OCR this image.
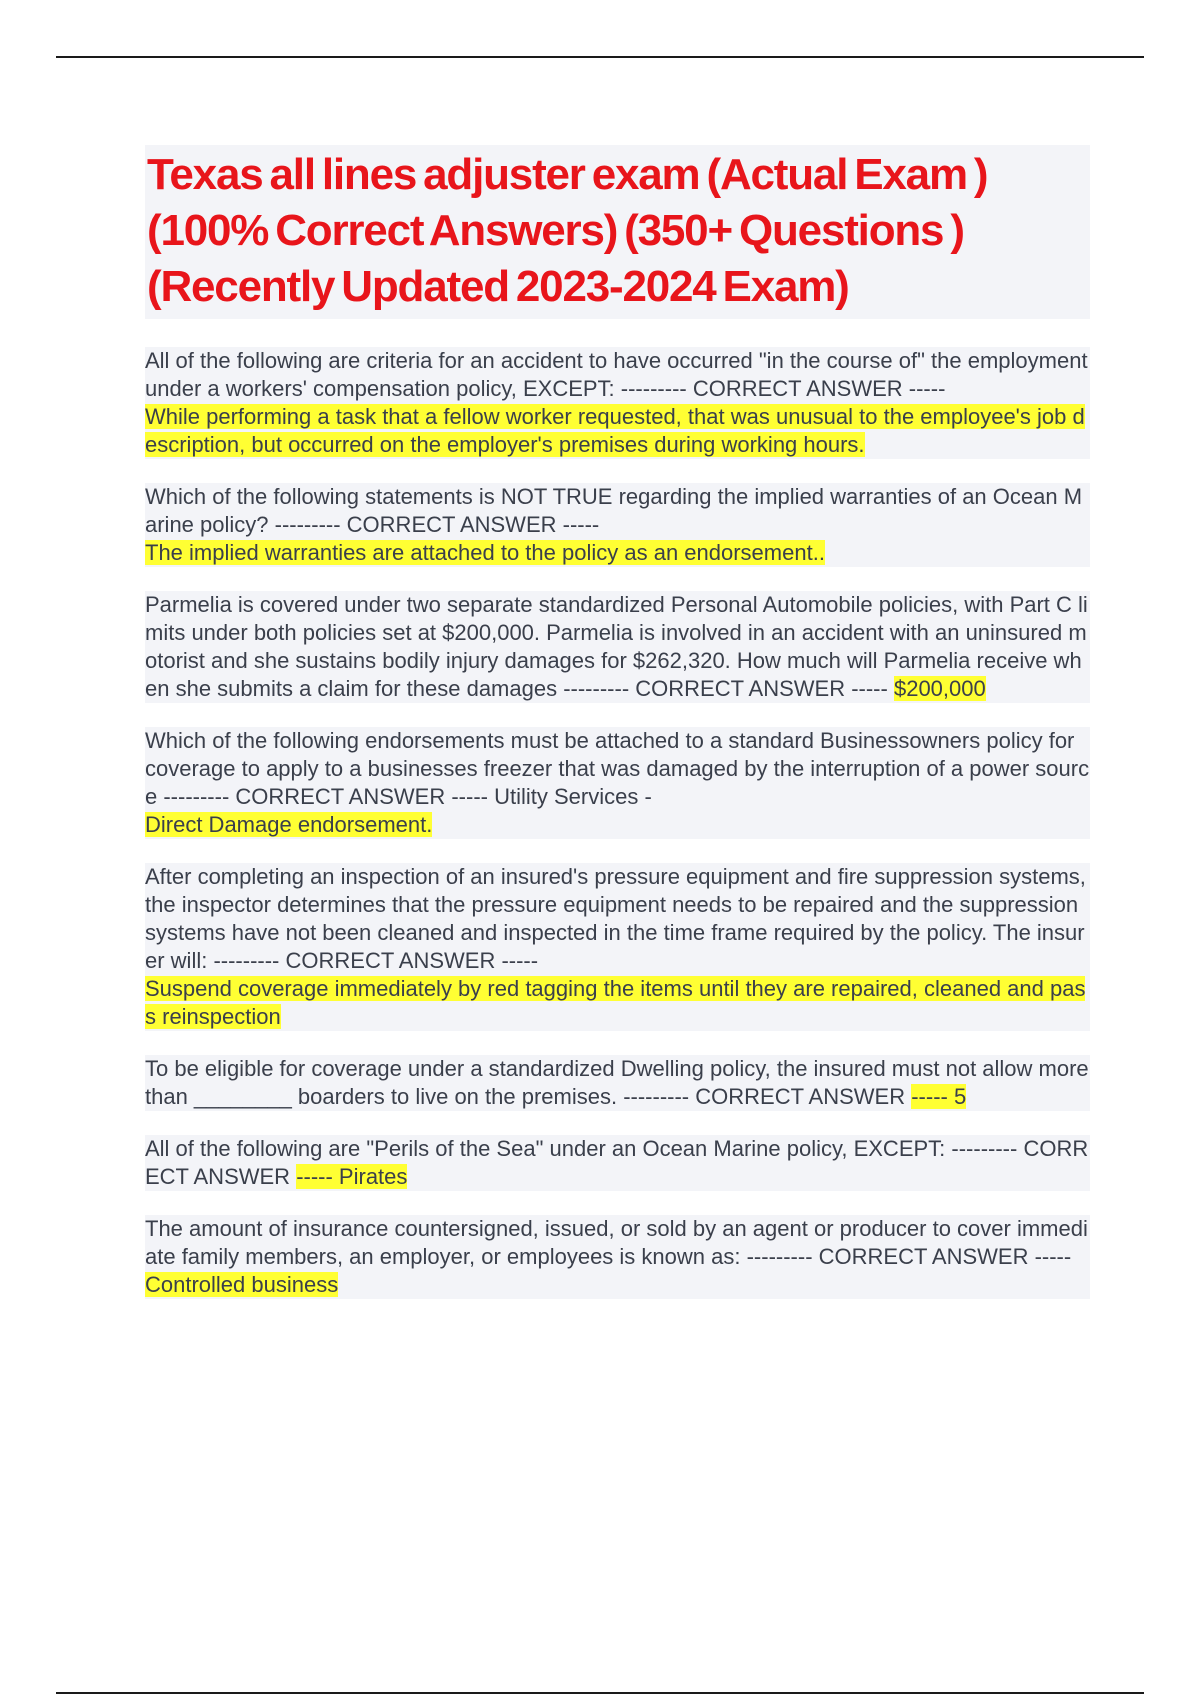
Texas all lines adjuster exam (Actual Exam ) (100% Correct Answers) (350+ Questions ) (Recently Updated 2023-2024 Exam)
All of the following are criteria for an accident to have occurred "in the course of" the employment under a workers' compensation policy, EXCEPT: --------- CORRECT ANSWER -----
While performing a task that a fellow worker requested, that was unusual to the employee's job description, but occurred on the employer's premises during working hours.
Which of the following statements is NOT TRUE regarding the implied warranties of an Ocean Marine policy? --------- CORRECT ANSWER -----
The implied warranties are attached to the policy as an endorsement..
Parmelia is covered under two separate standardized Personal Automobile policies, with Part C limits under both policies set at $200,000. Parmelia is involved in an accident with an uninsured motorist and she sustains bodily injury damages for $262,320. How much will Parmelia receive when she submits a claim for these damages --------- CORRECT ANSWER ----- $200,000
Which of the following endorsements must be attached to a standard Businessowners policy for coverage to apply to a businesses freezer that was damaged by the interruption of a power source --------- CORRECT ANSWER ----- Utility Services -
Direct Damage endorsement.
After completing an inspection of an insured's pressure equipment and fire suppression systems, the inspector determines that the pressure equipment needs to be repaired and the suppression systems have not been cleaned and inspected in the time frame required by the policy. The insurer will: --------- CORRECT ANSWER -----
Suspend coverage immediately by red tagging the items until they are repaired, cleaned and pass reinspection
To be eligible for coverage under a standardized Dwelling policy, the insured must not allow more than ________ boarders to live on the premises. --------- CORRECT ANSWER ----- 5
All of the following are "Perils of the Sea" under an Ocean Marine policy, EXCEPT: --------- CORRECT ANSWER ----- Pirates
The amount of insurance countersigned, issued, or sold by an agent or producer to cover immediate family members, an employer, or employees is known as: --------- CORRECT ANSWER ----- Controlled business
